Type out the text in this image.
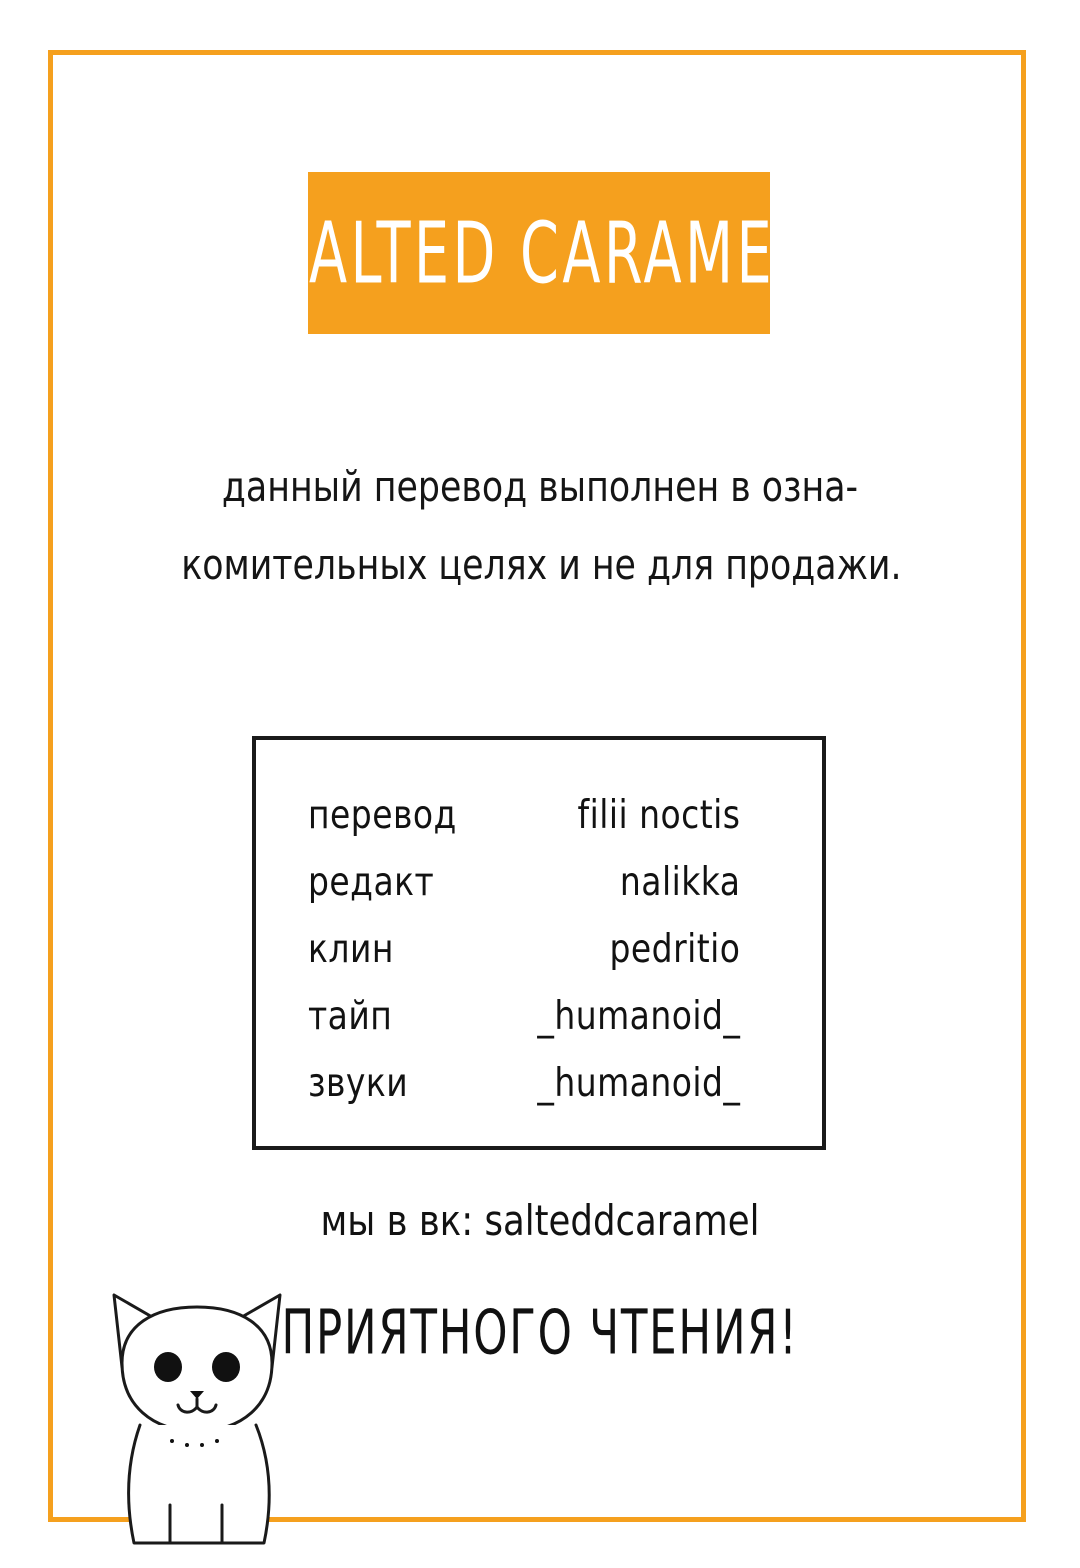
SALTED CARAMEL
данный перевод выполнен в озна-
комительных целях и не для продажи.
перевод	filii noctis
редакт	nalikka
клин	pedritio
тайп	_humanoid_
звуки	_humanoid_
мы в вк: salteddcaramel
ПРИЯТНОГО ЧТЕНИЯ!
